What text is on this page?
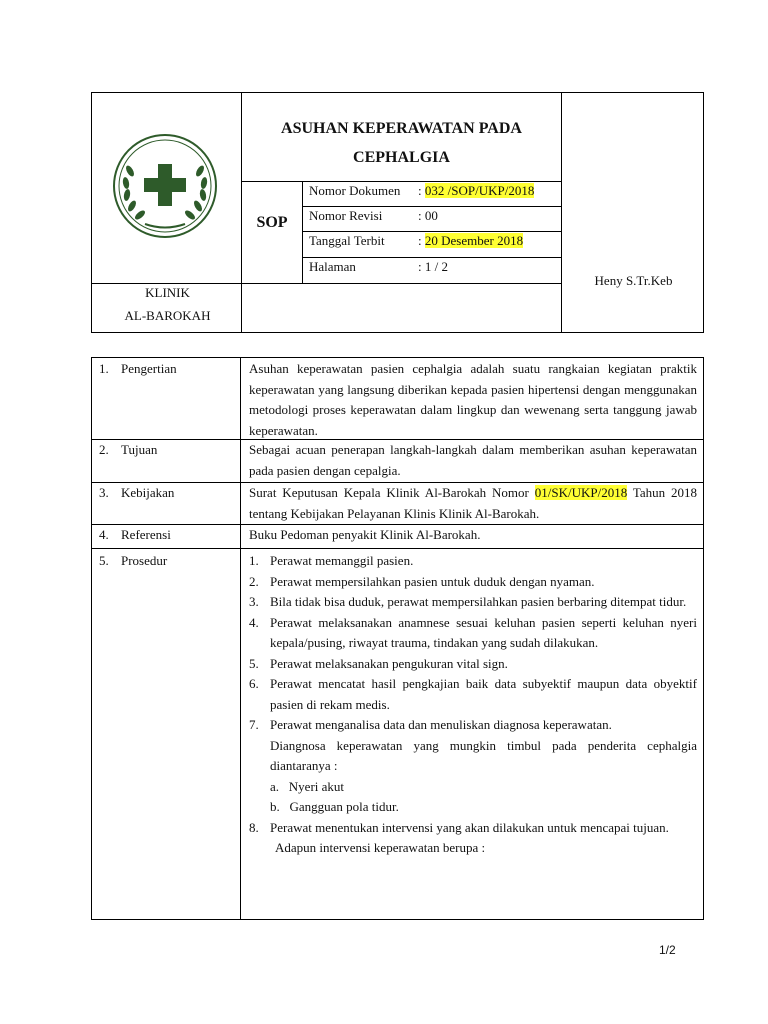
KLINIK
AL-BAROKAH
ASUHAN KEPERAWATAN PADA
CEPHALGIA
SOP
Nomor Dokumen : 032 /SOP/UKP/2018
Nomor Revisi	: 00
Tanggal Terbit	: 20 Desember 2018
Halaman	: 1 / 2
Heny S.Tr.Keb
1. Pengertian	Asuhan keperawatan pasien cephalgia adalah suatu rangkaian kegiatan praktik keperawatan yang langsung diberikan kepada pasien hipertensi dengan menggunakan metodologi proses keperawatan dalam lingkup dan wewenang serta tanggung jawab keperawatan.
2. Tujuan	Sebagai acuan penerapan langkah-langkah dalam memberikan asuhan keperawatan pada pasien dengan cepalgia.
3. Kebijakan	Surat Keputusan Kepala Klinik Al-Barokah Nomor 01/SK/UKP/2018 Tahun 2018 tentang Kebijakan Pelayanan Klinis Klinik Al-Barokah.
4. Referensi	Buku Pedoman penyakit Klinik Al-Barokah.
5. Prosedur	1. Perawat memanggil pasien.
2. Perawat mempersilahkan pasien untuk duduk dengan nyaman.
3. Bila tidak bisa duduk, perawat mempersilahkan pasien berbaring ditempat tidur.
4. Perawat melaksanakan anamnese sesuai keluhan pasien seperti keluhan nyeri kepala/pusing, riwayat trauma, tindakan yang sudah dilakukan.
5. Perawat melaksanakan pengukuran vital sign.
6. Perawat mencatat hasil pengkajian baik data subyektif maupun data obyektif pasien di rekam medis.
7. Perawat menganalisa data dan menuliskan diagnosa keperawatan.
Diangnosa keperawatan yang mungkin timbul pada penderita cephalgia diantaranya :
a. Nyeri akut
b. Gangguan pola tidur.
8. Perawat menentukan intervensi yang akan dilakukan untuk mencapai tujuan.
Adapun intervensi keperawatan berupa :
1/2
